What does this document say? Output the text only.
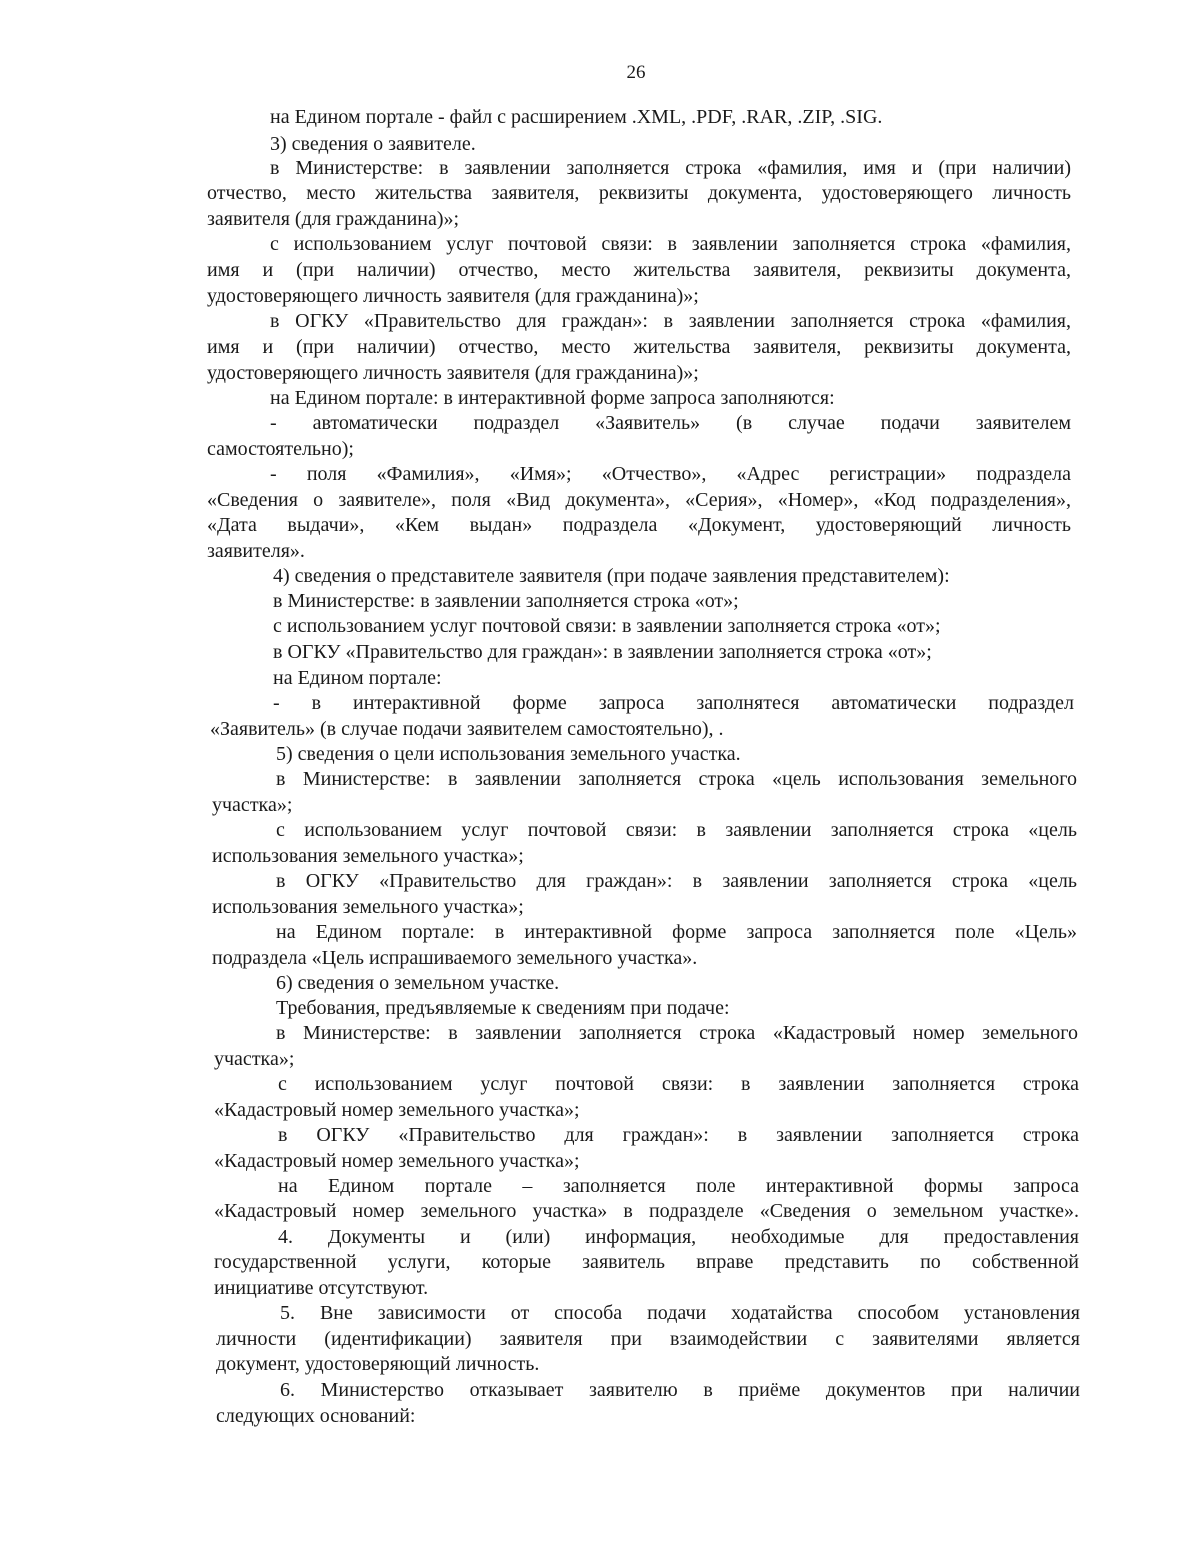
26
на Едином портале - файл с расширением .XML, .PDF, .RAR, .ZIP, .SIG.
3) сведения о заявителе.
в Министерстве: в заявлении заполняется строка «фамилия, имя и (при наличии)
отчество, место жительства заявителя, реквизиты документа, удостоверяющего личность
заявителя (для гражданина)»;
с использованием услуг почтовой связи: в заявлении заполняется строка «фамилия,
имя и (при наличии) отчество, место жительства заявителя, реквизиты документа,
удостоверяющего личность заявителя (для гражданина)»;
в ОГКУ «Правительство для граждан»: в заявлении заполняется строка «фамилия,
имя и (при наличии) отчество, место жительства заявителя, реквизиты документа,
удостоверяющего личность заявителя (для гражданина)»;
на Едином портале: в интерактивной форме запроса заполняются:
- автоматически подраздел «Заявитель» (в случае подачи заявителем
самостоятельно);
- поля «Фамилия», «Имя»; «Отчество», «Адрес регистрации» подраздела
«Сведения о заявителе», поля «Вид документа», «Серия», «Номер», «Код подразделения»,
«Дата выдачи», «Кем выдан» подраздела «Документ, удостоверяющий личность
заявителя».
4) сведения о представителе заявителя (при подаче заявления представителем):
в Министерстве: в заявлении заполняется строка «от»;
с использованием услуг почтовой связи: в заявлении заполняется строка «от»;
в ОГКУ «Правительство для граждан»: в заявлении заполняется строка «от»;
на Едином портале:
- в интерактивной форме запроса заполнятеся автоматически подраздел
«Заявитель» (в случае подачи заявителем самостоятельно), .
5) сведения о цели использования земельного участка.
в Министерстве: в заявлении заполняется строка «цель использования земельного
участка»;
с использованием услуг почтовой связи: в заявлении заполняется строка «цель
использования земельного участка»;
в ОГКУ «Правительство для граждан»: в заявлении заполняется строка «цель
использования земельного участка»;
на Едином портале: в интерактивной форме запроса заполняется поле «Цель»
подраздела «Цель испрашиваемого земельного участка».
6) сведения о земельном участке.
Требования, предъявляемые к сведениям при подаче:
в Министерстве: в заявлении заполняется строка «Кадастровый номер земельного
участка»;
с использованием услуг почтовой связи: в заявлении заполняется строка
«Кадастровый номер земельного участка»;
в ОГКУ «Правительство для граждан»: в заявлении заполняется строка
«Кадастровый номер земельного участка»;
на Едином портале – заполняется поле интерактивной формы запроса
«Кадастровый номер земельного участка» в подразделе «Сведения о земельном участке».
4. Документы и (или) информация, необходимые для предоставления
государственной услуги, которые заявитель вправе представить по собственной
инициативе отсутствуют.
5. Вне зависимости от способа подачи ходатайства способом установления
личности (идентификации) заявителя при взаимодействии с заявителями является
документ, удостоверяющий личность.
6. Министерство отказывает заявителю в приёме документов при наличии
следующих оснований:
